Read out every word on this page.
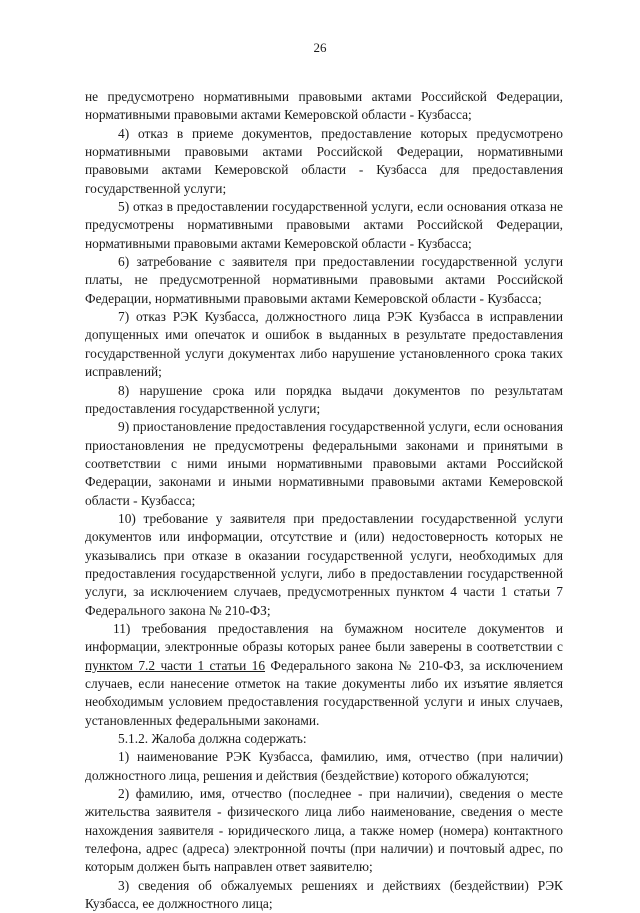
26

не предусмотрено нормативными правовыми актами Российской Федерации, нормативными правовыми актами Кемеровской области - Кузбасса;

4) отказ в приеме документов, предоставление которых предусмотрено нормативными правовыми актами Российской Федерации, нормативными правовыми актами Кемеровской области - Кузбасса для предоставления государственной услуги;

5) отказ в предоставлении государственной услуги, если основания отказа не предусмотрены нормативными правовыми актами Российской Федерации, нормативными правовыми актами Кемеровской области - Кузбасса;

6) затребование с заявителя при предоставлении государственной услуги платы, не предусмотренной нормативными правовыми актами Российской Федерации, нормативными правовыми актами Кемеровской области - Кузбасса;

7) отказ РЭК Кузбасса, должностного лица РЭК Кузбасса в исправлении допущенных ими опечаток и ошибок в выданных в результате предоставления государственной услуги документах либо нарушение установленного срока таких исправлений;

8) нарушение срока или порядка выдачи документов по результатам предоставления государственной услуги;

9) приостановление предоставления государственной услуги, если основания приостановления не предусмотрены федеральными законами и принятыми в соответствии с ними иными нормативными правовыми актами Российской Федерации, законами и иными нормативными правовыми актами Кемеровской области - Кузбасса;

10) требование у заявителя при предоставлении государственной услуги документов или информации, отсутствие и (или) недостоверность которых не указывались при отказе в оказании государственной услуги, необходимых для предоставления государственной услуги, либо в предоставлении государственной услуги, за исключением случаев, предусмотренных пунктом 4 части 1 статьи 7 Федерального закона № 210-ФЗ;

11) требования предоставления на бумажном носителе документов и информации, электронные образы которых ранее были заверены в соответствии с пунктом 7.2 части 1 статьи 16 Федерального закона № 210-ФЗ, за исключением случаев, если нанесение отметок на такие документы либо их изъятие является необходимым условием предоставления государственной услуги и иных случаев, установленных федеральными законами.

5.1.2. Жалоба должна содержать:

1) наименование РЭК Кузбасса, фамилию, имя, отчество (при наличии) должностного лица, решения и действия (бездействие) которого обжалуются;

2) фамилию, имя, отчество (последнее - при наличии), сведения о месте жительства заявителя - физического лица либо наименование, сведения о месте нахождения заявителя - юридического лица, а также номер (номера) контактного телефона, адрес (адреса) электронной почты (при наличии) и почтовый адрес, по которым должен быть направлен ответ заявителю;

3) сведения об обжалуемых решениях и действиях (бездействии) РЭК Кузбасса, ее должностного лица;
